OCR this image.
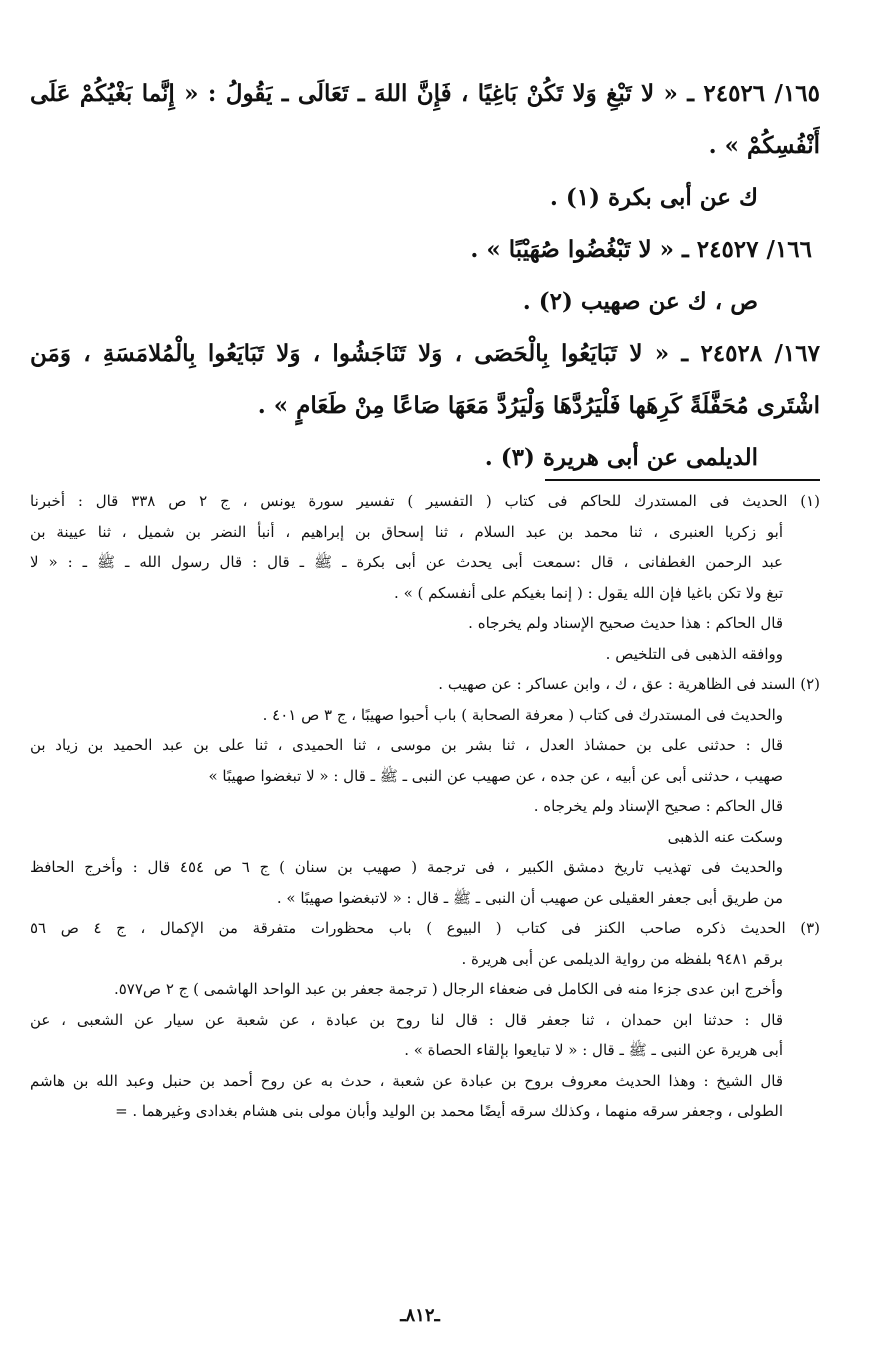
١٦٥/ ٢٤٥٢٦ ـ « لا تَبْغِ وَلا تَكُنْ بَاغِيًا ، فَإِنَّ اللهَ ـ تَعَالَى ـ يَقُولُ : « إِنَّما بَغْيُكُمْ عَلَى
أَنْفُسِكُمْ » .
ك عن أبى بكرة (١) .
١٦٦/ ٢٤٥٢٧ ـ « لا تَبْغُضُوا صُهَيْبًا » .
ص ، ك عن صهيب (٢) .
١٦٧/ ٢٤٥٢٨ ـ « لا تَبَايَعُوا بِالْحَصَى ، وَلا تَنَاجَشُوا ، وَلا تَبَايَعُوا بِالْمُلامَسَةِ ، وَمَن
اشْتَرى مُحَفَّلَةً كَرِهَها فَلْيَرُدَّهَا وَلْيَرُدَّ مَعَهَا صَاعًا مِنْ طَعَامٍ » .
الديلمى عن أبى هريرة (٣) .
(١) الحديث فى المستدرك للحاكم فى كتاب ( التفسير ) تفسير سورة يونس ، ج ٢ ص ٣٣٨ قال : أخبرنا
أبو زكريا العنبرى ، ثنا محمد بن عبد السلام ، ثنا إسحاق بن إبراهيم ، أنبأ النضر بن شميل ، ثنا عيينة بن
عبد الرحمن الغطفانى ، قال :سمعت أبى يحدث عن أبى بكرة ـ ﷺ ـ قال : قال رسول الله ـ ﷺ ـ : « لا
تبغ ولا تكن باغيا فإن الله يقول : ( إنما بغيكم على أنفسكم ) » .
قال الحاكم : هذا حديث صحيح الإسناد ولم يخرجاه .
ووافقه الذهبى فى التلخيص .
(٢) السند فى الظاهرية : عق ، ك ، وابن عساكر : عن صهيب .
والحديث فى المستدرك فى كتاب ( معرفة الصحابة ) باب أحبوا صهيبًا ، ج ٣ ص ٤٠١ .
قال : حدثنى على بن حمشاذ العدل ، ثنا بشر بن موسى ، ثنا الحميدى ، ثنا على بن عبد الحميد بن زياد بن
صهيب ، حدثنى أبى عن أبيه ، عن جده ، عن صهيب عن النبى ـ ﷺ ـ قال : « لا تبغضوا صهيبًا »
قال الحاكم : صحيح الإسناد ولم يخرجاه .
وسكت عنه الذهبى
والحديث فى تهذيب تاريخ دمشق الكبير ، فى ترجمة ( صهيب بن سنان ) ج ٦ ص ٤٥٤ قال : وأخرج الحافظ
من طريق أبى جعفر العقيلى عن صهيب أن النبى ـ ﷺ ـ قال : « لاتبغضوا صهيبًا » .
(٣) الحديث ذكره صاحب الكنز فى كتاب ( البيوع ) باب محظورات متفرقة من الإكمال ، ج ٤ ص ٥٦
برقم ٩٤٨١ بلفظه من رواية الديلمى عن أبى هريرة .
وأخرج ابن عدى جزءا منه فى الكامل فى ضعفاء الرجال ( ترجمة جعفر بن عبد الواحد الهاشمى ) ج ٢ ص٥٧٧.
قال : حدثنا ابن حمدان ، ثنا جعفر قال : قال لنا روح بن عبادة ، عن شعبة عن سيار عن الشعبى ، عن
أبى هريرة عن النبى ـ ﷺ ـ قال : « لا تبايعوا بإلقاء الحصاة » .
قال الشيخ : وهذا الحديث معروف بروح بن عبادة عن شعبة ، حدث به عن روح أحمد بن حنبل وعبد الله بن هاشم
الطولى ، وجعفر سرقه منهما ، وكذلك سرقه أيضًا محمد بن الوليد وأبان مولى بنى هشام بغدادى وغيرهما . =
ـ٨١٢ـ
